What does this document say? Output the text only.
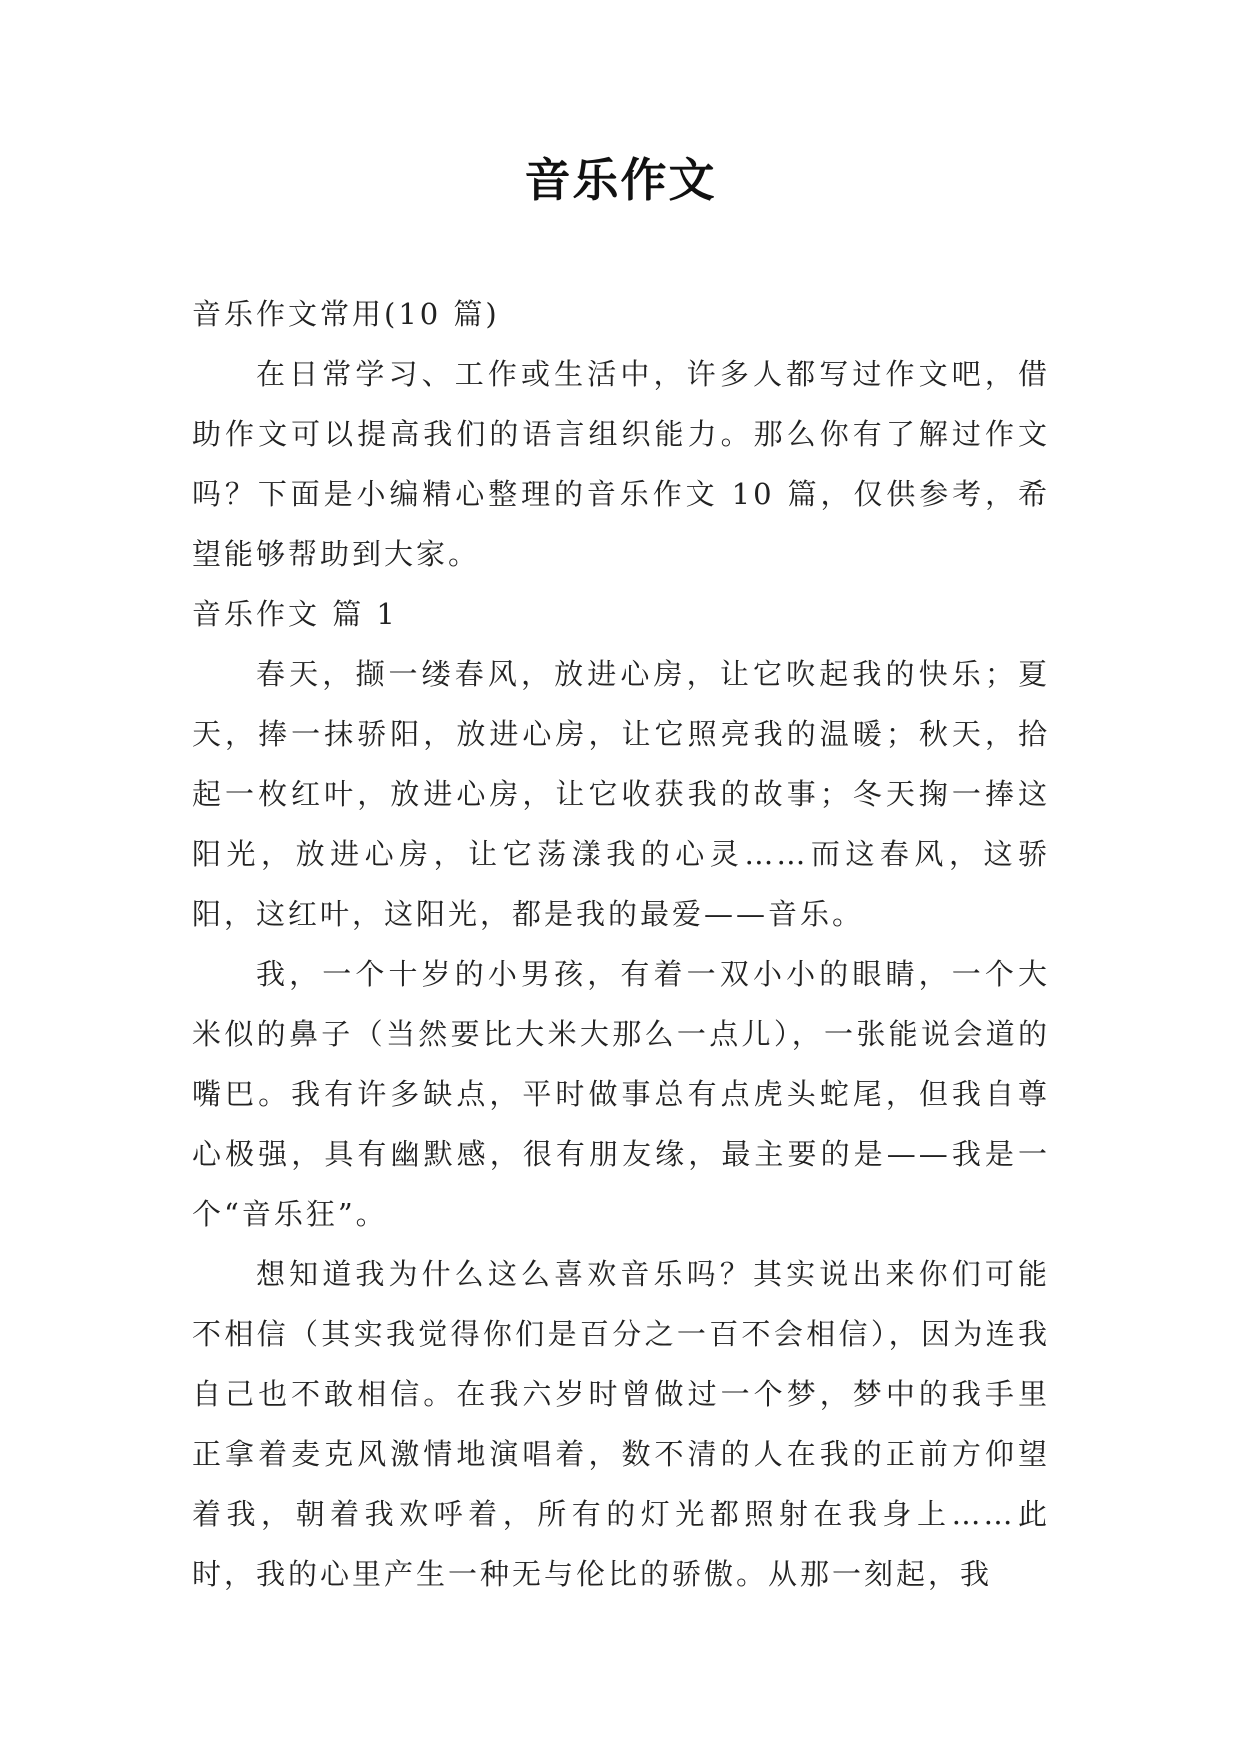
音乐作文

音乐作文常用(10 篇)

在日常学习、工作或生活中，许多人都写过作文吧，借助作文可以提高我们的语言组织能力。那么你有了解过作文吗？下面是小编精心整理的音乐作文 10 篇，仅供参考，希望能够帮助到大家。

音乐作文 篇 1

春天，撷一缕春风，放进心房，让它吹起我的快乐；夏天，捧一抹骄阳，放进心房，让它照亮我的温暖；秋天，拾起一枚红叶，放进心房，让它收获我的故事；冬天掬一捧这阳光，放进心房，让它荡漾我的心灵……而这春风，这骄阳，这红叶，这阳光，都是我的最爱——音乐。

我，一个十岁的小男孩，有着一双小小的眼睛，一个大米似的鼻子（当然要比大米大那么一点儿），一张能说会道的嘴巴。我有许多缺点，平时做事总有点虎头蛇尾，但我自尊心极强，具有幽默感，很有朋友缘，最主要的是——我是一个“音乐狂”。

想知道我为什么这么喜欢音乐吗？其实说出来你们可能不相信（其实我觉得你们是百分之一百不会相信），因为连我自己也不敢相信。在我六岁时曾做过一个梦，梦中的我手里正拿着麦克风激情地演唱着，数不清的人在我的正前方仰望着我，朝着我欢呼着，所有的灯光都照射在我身上……此时，我的心里产生一种无与伦比的骄傲。从那一刻起，我
